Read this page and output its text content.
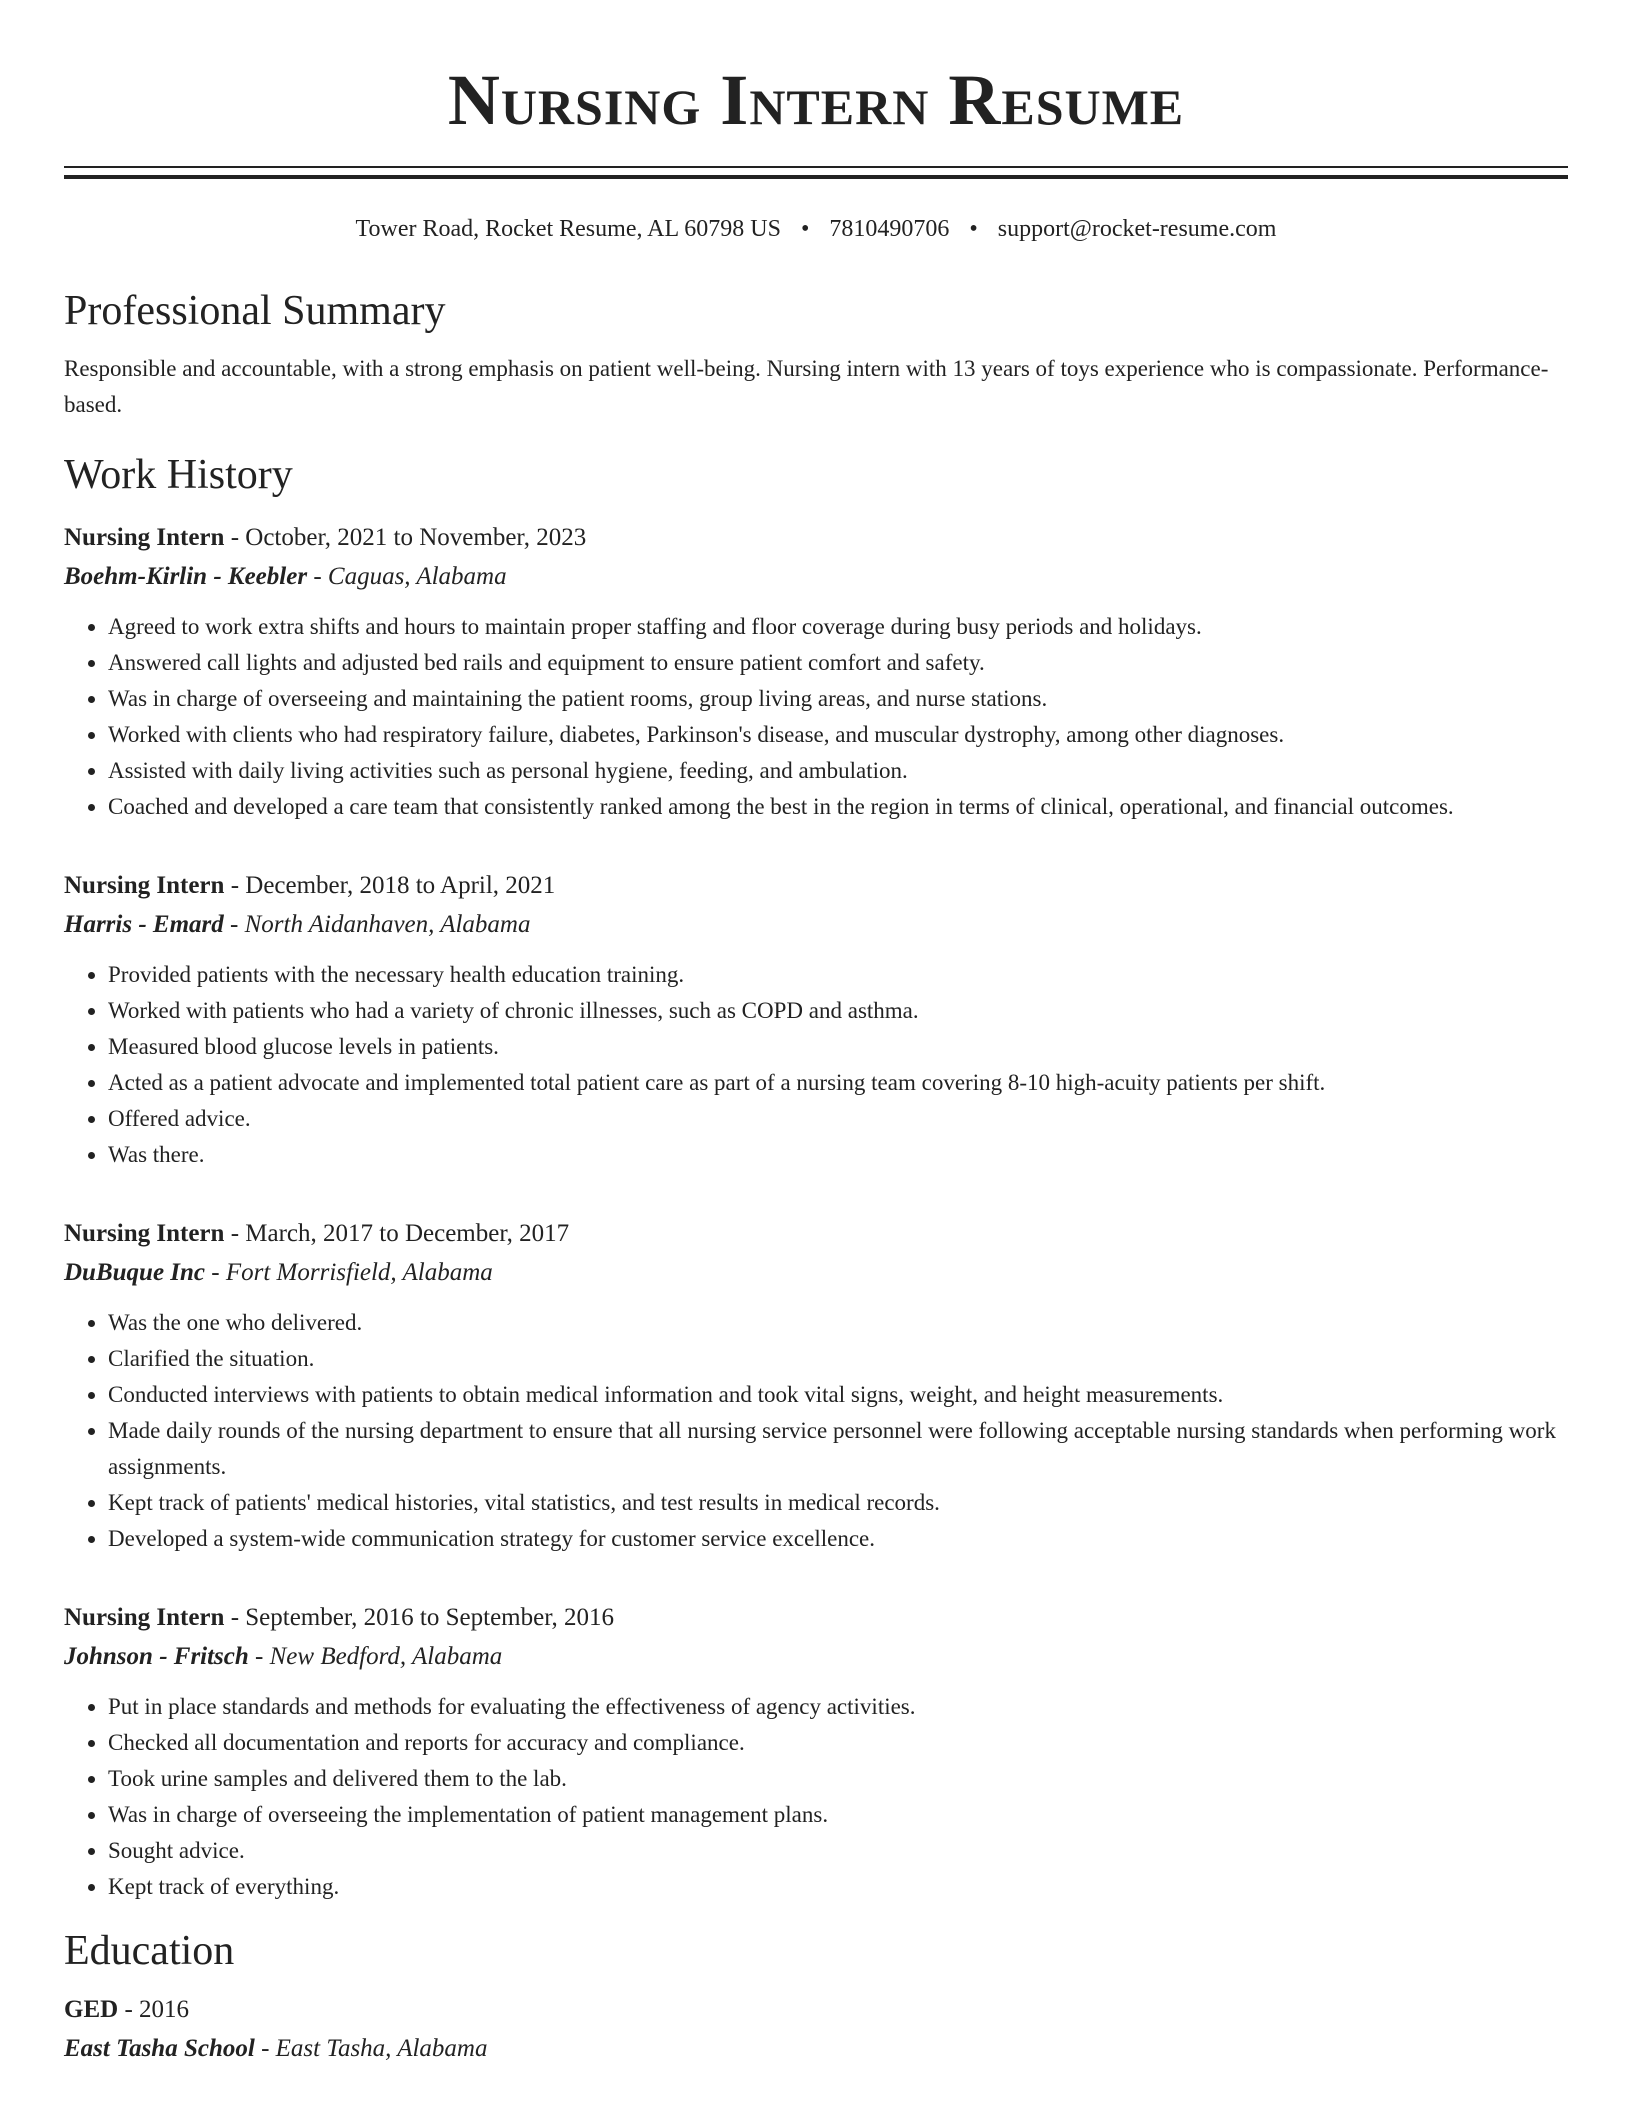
Nursing Intern Resume
Tower Road, Rocket Resume, AL 60798 US • 7810490706 • support@rocket-resume.com
Professional Summary

Responsible and accountable, with a strong emphasis on patient well-being. Nursing intern with 13 years of toys experience who is compassionate. Performance-based.

Work History
Nursing Intern - October, 2021 to November, 2023
Boehm-Kirlin - Keebler - Caguas, Alabama
• Agreed to work extra shifts and hours to maintain proper staffing and floor coverage during busy periods and holidays.
• Answered call lights and adjusted bed rails and equipment to ensure patient comfort and safety.
• Was in charge of overseeing and maintaining the patient rooms, group living areas, and nurse stations.
• Worked with clients who had respiratory failure, diabetes, Parkinson's disease, and muscular dystrophy, among other diagnoses.
• Assisted with daily living activities such as personal hygiene, feeding, and ambulation.
• Coached and developed a care team that consistently ranked among the best in the region in terms of clinical, operational, and financial outcomes.
Nursing Intern - December, 2018 to April, 2021
Harris - Emard - North Aidanhaven, Alabama
• Provided patients with the necessary health education training.
• Worked with patients who had a variety of chronic illnesses, such as COPD and asthma.
• Measured blood glucose levels in patients.
• Acted as a patient advocate and implemented total patient care as part of a nursing team covering 8-10 high-acuity patients per shift.
• Offered advice.
• Was there.
Nursing Intern - March, 2017 to December, 2017
DuBuque Inc - Fort Morrisfield, Alabama
• Was the one who delivered.
• Clarified the situation.
• Conducted interviews with patients to obtain medical information and took vital signs, weight, and height measurements.
• Made daily rounds of the nursing department to ensure that all nursing service personnel were following acceptable nursing standards when performing work assignments.
• Kept track of patients' medical histories, vital statistics, and test results in medical records.
• Developed a system-wide communication strategy for customer service excellence.
Nursing Intern - September, 2016 to September, 2016
Johnson - Fritsch - New Bedford, Alabama
• Put in place standards and methods for evaluating the effectiveness of agency activities.
• Checked all documentation and reports for accuracy and compliance.
• Took urine samples and delivered them to the lab.
• Was in charge of overseeing the implementation of patient management plans.
• Sought advice.
• Kept track of everything.
Education
GED - 2016
East Tasha School - East Tasha, Alabama
